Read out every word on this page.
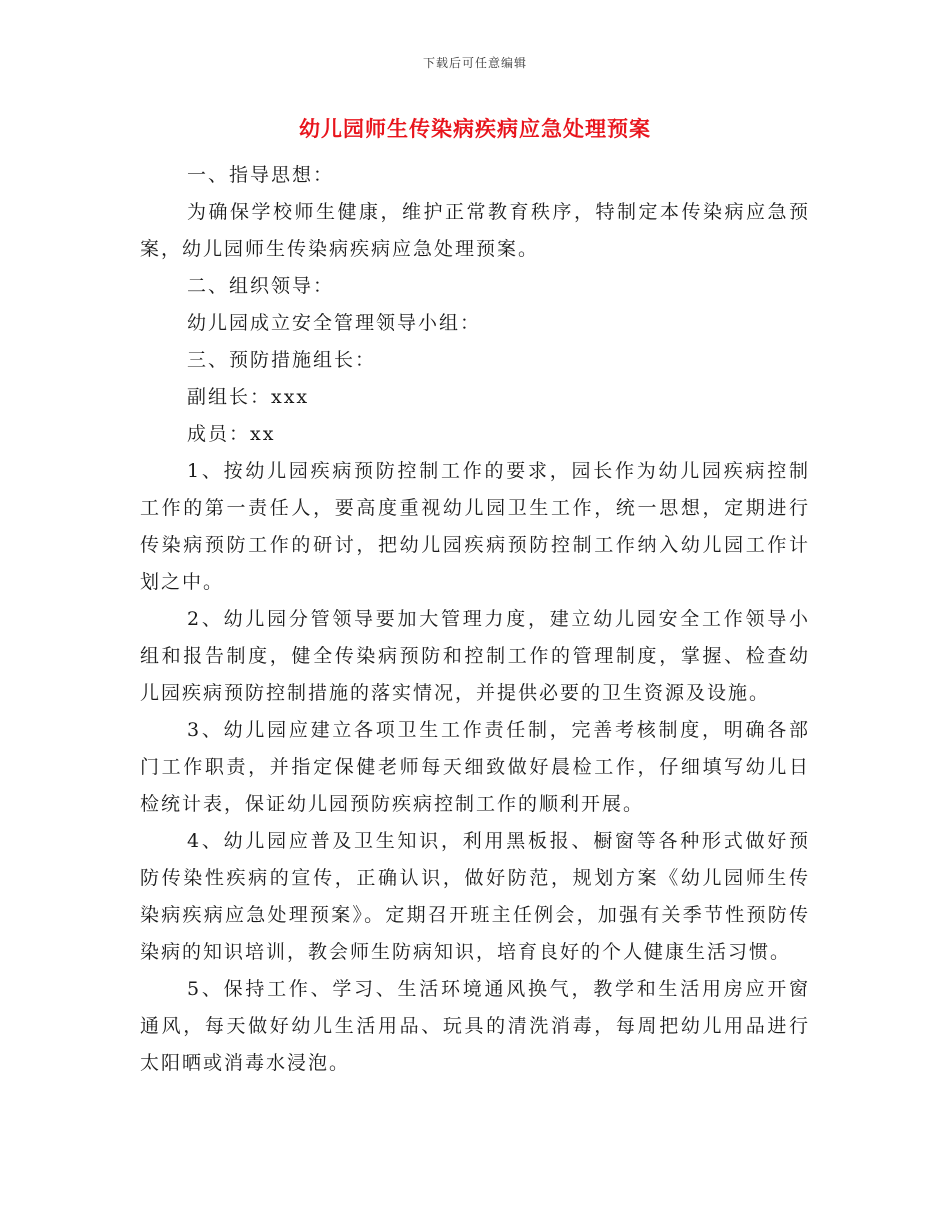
下载后可任意编辑
幼儿园师生传染病疾病应急处理预案

一、指导思想：

为确保学校师生健康，维护正常教育秩序，特制定本传染病应急预案，幼儿园师生传染病疾病应急处理预案。

二、组织领导：

幼儿园成立安全管理领导小组：

三、预防措施组长：

副组长：xxx

成员：xx

1、按幼儿园疾病预防控制工作的要求，园长作为幼儿园疾病控制工作的第一责任人，要高度重视幼儿园卫生工作，统一思想，定期进行传染病预防工作的研讨，把幼儿园疾病预防控制工作纳入幼儿园工作计划之中。

2、幼儿园分管领导要加大管理力度，建立幼儿园安全工作领导小组和报告制度，健全传染病预防和控制工作的管理制度，掌握、检查幼儿园疾病预防控制措施的落实情况，并提供必要的卫生资源及设施。

3、幼儿园应建立各项卫生工作责任制，完善考核制度，明确各部门工作职责，并指定保健老师每天细致做好晨检工作，仔细填写幼儿日检统计表，保证幼儿园预防疾病控制工作的顺利开展。

4、幼儿园应普及卫生知识，利用黑板报、橱窗等各种形式做好预防传染性疾病的宣传，正确认识，做好防范，规划方案《幼儿园师生传染病疾病应急处理预案》。定期召开班主任例会，加强有关季节性预防传染病的知识培训，教会师生防病知识，培育良好的个人健康生活习惯。

5、保持工作、学习、生活环境通风换气，教学和生活用房应开窗通风，每天做好幼儿生活用品、玩具的清洗消毒，每周把幼儿用品进行太阳晒或消毒水浸泡。
